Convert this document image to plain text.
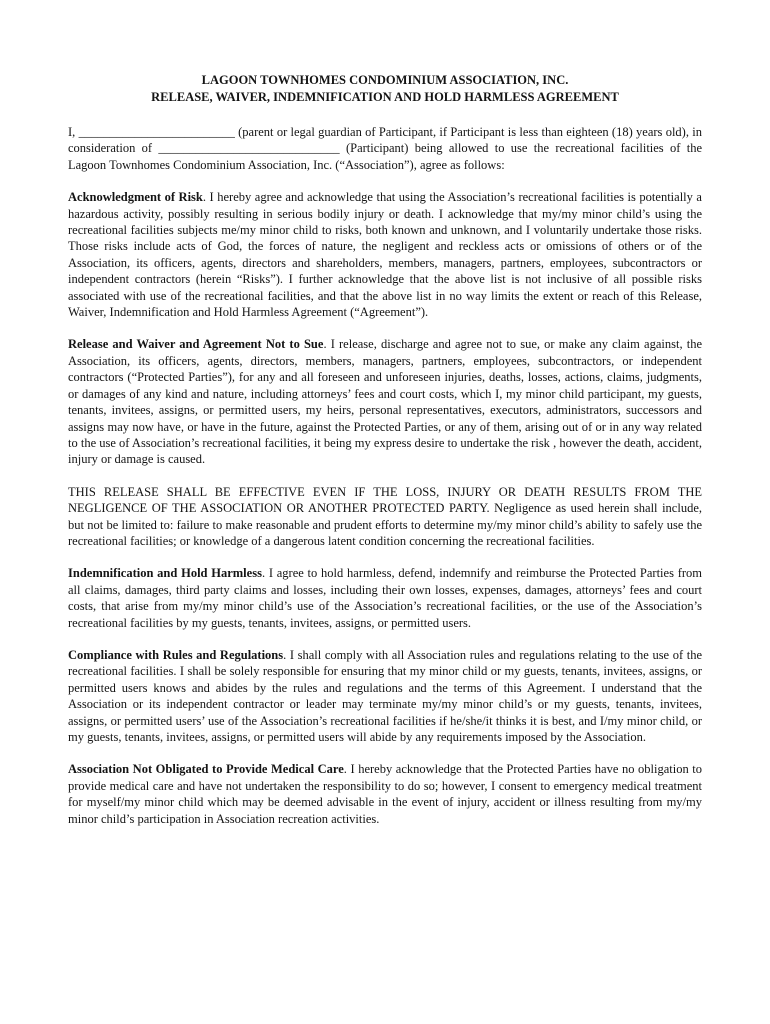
LAGOON TOWNHOMES CONDOMINIUM ASSOCIATION, INC.
RELEASE, WAIVER, INDEMNIFICATION AND HOLD HARMLESS AGREEMENT

I, _________________________ (parent or legal guardian of Participant, if Participant is less than eighteen (18) years old), in consideration of _____________________________ (Participant) being allowed to use the recreational facilities of the Lagoon Townhomes Condominium Association, Inc. (“Association”), agree as follows:

Acknowledgment of Risk. I hereby agree and acknowledge that using the Association’s recreational facilities is potentially a hazardous activity, possibly resulting in serious bodily injury or death. I acknowledge that my/my minor child’s using the recreational facilities subjects me/my minor child to risks, both known and unknown, and I voluntarily undertake those risks. Those risks include acts of God, the forces of nature, the negligent and reckless acts or omissions of others or of the Association, its officers, agents, directors and shareholders, members, managers, partners, employees, subcontractors or independent contractors (herein “Risks”). I further acknowledge that the above list is not inclusive of all possible risks associated with use of the recreational facilities, and that the above list in no way limits the extent or reach of this Release, Waiver, Indemnification and Hold Harmless Agreement (“Agreement”).

Release and Waiver and Agreement Not to Sue. I release, discharge and agree not to sue, or make any claim against, the Association, its officers, agents, directors, members, managers, partners, employees, subcontractors, or independent contractors (“Protected Parties”), for any and all foreseen and unforeseen injuries, deaths, losses, actions, claims, judgments, or damages of any kind and nature, including attorneys’ fees and court costs, which I, my minor child participant, my guests, tenants, invitees, assigns, or permitted users, my heirs, personal representatives, executors, administrators, successors and assigns may now have, or have in the future, against the Protected Parties, or any of them, arising out of or in any way related to the use of Association’s recreational facilities, it being my express desire to undertake the risk , however the death, accident, injury or damage is caused.

THIS RELEASE SHALL BE EFFECTIVE EVEN IF THE LOSS, INJURY OR DEATH RESULTS FROM THE NEGLIGENCE OF THE ASSOCIATION OR ANOTHER PROTECTED PARTY. Negligence as used herein shall include, but not be limited to: failure to make reasonable and prudent efforts to determine my/my minor child’s ability to safely use the recreational facilities; or knowledge of a dangerous latent condition concerning the recreational facilities.

Indemnification and Hold Harmless. I agree to hold harmless, defend, indemnify and reimburse the Protected Parties from all claims, damages, third party claims and losses, including their own losses, expenses, damages, attorneys’ fees and court costs, that arise from my/my minor child’s use of the Association’s recreational facilities, or the use of the Association’s recreational facilities by my guests, tenants, invitees, assigns, or permitted users.

Compliance with Rules and Regulations. I shall comply with all Association rules and regulations relating to the use of the recreational facilities. I shall be solely responsible for ensuring that my minor child or my guests, tenants, invitees, assigns, or permitted users knows and abides by the rules and regulations and the terms of this Agreement. I understand that the Association or its independent contractor or leader may terminate my/my minor child’s or my guests, tenants, invitees, assigns, or permitted users’ use of the Association’s recreational facilities if he/she/it thinks it is best, and I/my minor child, or my guests, tenants, invitees, assigns, or permitted users will abide by any requirements imposed by the Association.

Association Not Obligated to Provide Medical Care. I hereby acknowledge that the Protected Parties have no obligation to provide medical care and have not undertaken the responsibility to do so; however, I consent to emergency medical treatment for myself/my minor child which may be deemed advisable in the event of injury, accident or illness resulting from my/my minor child’s participation in Association recreation activities.
